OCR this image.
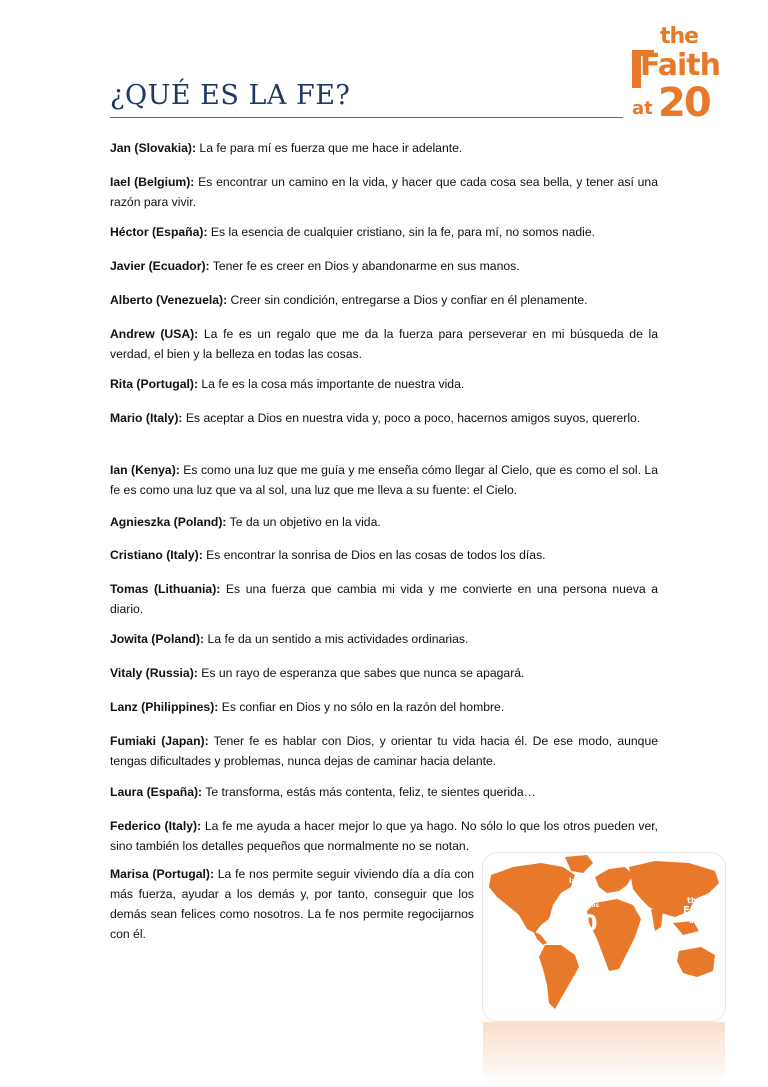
the
Faith
at 20
¿QUÉ ES LA FE?

Jan (Slovakia): La fe para mí es fuerza que me hace ir adelante.

Iael (Belgium): Es encontrar un camino en la vida, y hacer que cada cosa sea bella, y tener así una razón para vivir.

Héctor (España): Es la esencia de cualquier cristiano, sin la fe, para mí, no somos nadie.

Javier (Ecuador): Tener fe es creer en Dios y abandonarme en sus manos.

Alberto (Venezuela): Creer sin condición, entregarse a Dios y confiar en él plenamente.

Andrew (USA): La fe es un regalo que me da la fuerza para perseverar en mi búsqueda de la verdad, el bien y la belleza en todas las cosas.

Rita (Portugal): La fe es la cosa más importante de nuestra vida.

Mario (Italy): Es aceptar a Dios en nuestra vida y, poco a poco, hacernos amigos suyos, quererlo.

Ian (Kenya): Es como una luz que me guía y me enseña cómo llegar al Cielo, que es como el sol. La fe es como una luz que va al sol, una luz que me lleva a su fuente: el Cielo.

Agnieszka (Poland): Te da un objetivo en la vida.

Cristiano (Italy): Es encontrar la sonrisa de Dios en las cosas de todos los días.

Tomas (Lithuania): Es una fuerza que cambia mi vida y me convierte en una persona nueva a diario.

Jowita (Poland): La fe da un sentido a mis actividades ordinarias.

Vitaly (Russia): Es un rayo de esperanza que sabes que nunca se apagará.

Lanz (Philippines): Es confiar en Dios y no sólo en la razón del hombre.

Fumiaki (Japan): Tener fe es hablar con Dios, y orientar tu vida hacia él. De ese modo, aunque tengas dificultades y problemas, nunca dejas de caminar hacia delante.

Laura (España): Te transforma, estás más contenta, feliz, te sientes querida…

Federico (Italy): La fe me ayuda a hacer mejor lo que ya hago. No sólo lo que los otros pueden ver, sino también los detalles pequeños que normalmente no se notan.

Marisa (Portugal): La fe nos permite seguir viviendo día a día con más fuerza, ayudar a los demás y, por tanto, conseguir que los demás sean felices como nosotros. La fe nos permite regocijarnos con él.

la
Fe
a los
20
the
Faith
at 20
la
Fé
20
años
la Fede
20 anni
la Foi
20 ans
